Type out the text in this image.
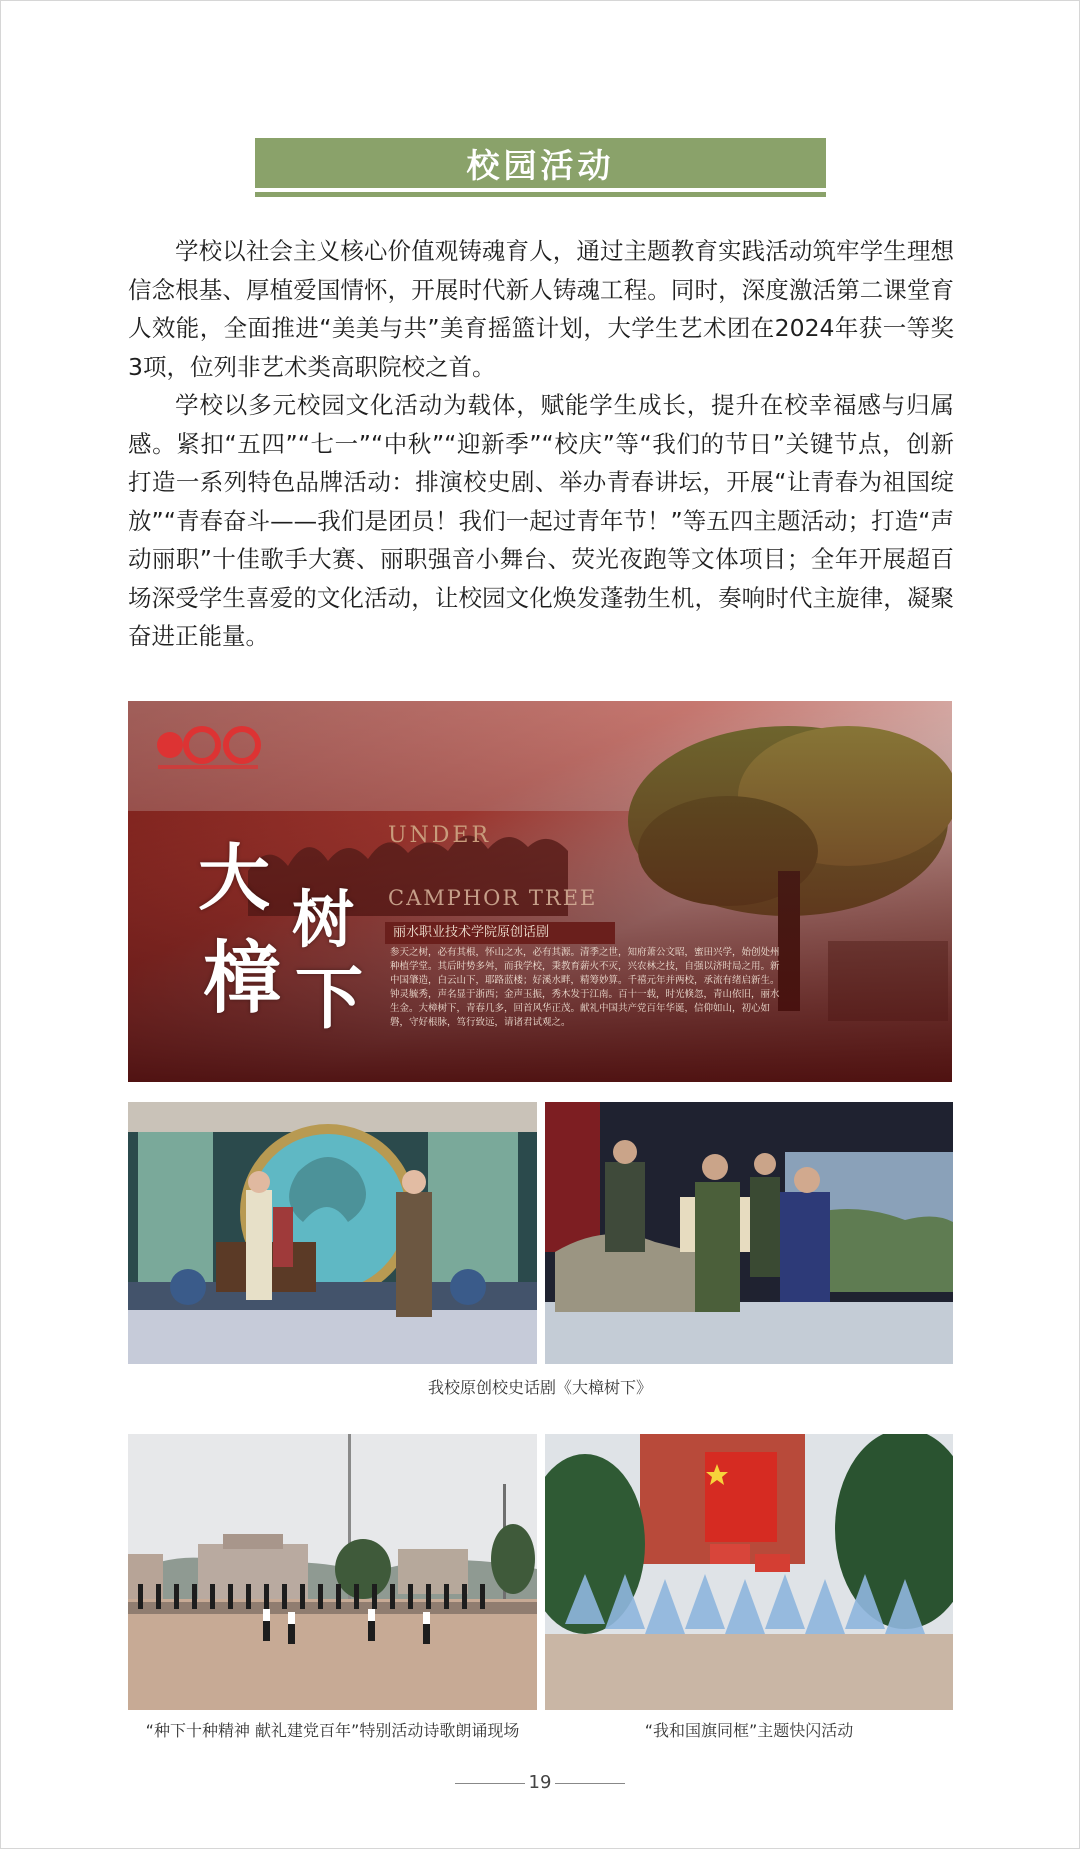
校园活动

学校以社会主义核心价值观铸魂育人，通过主题教育实践活动筑牢学生理想信念根基、厚植爱国情怀，开展时代新人铸魂工程。同时，深度激活第二课堂育人效能，全面推进“美美与共”美育摇篮计划，大学生艺术团在2024年获一等奖3项，位列非艺术类高职院校之首。

学校以多元校园文化活动为载体，赋能学生成长，提升在校幸福感与归属感。紧扣“五四”“七一”“中秋”“迎新季”“校庆”等“我们的节日”关键节点，创新打造一系列特色品牌活动：排演校史剧、举办青春讲坛，开展“让青春为祖国绽放”“青春奋斗——我们是团员！我们一起过青年节！”等五四主题活动；打造“声动丽职”十佳歌手大赛、丽职强音小舞台、荧光夜跑等文体项目；全年开展超百场深受学生喜爱的文化活动，让校园文化焕发蓬勃生机，奏响时代主旋律，凝聚奋进正能量。

UNDER
CAMPHOR TREE
大
樟
树
下
丽水职业技术学院原创话剧
参天之树，必有其根，怀山之水，必有其源。清季之世，知府萧公文昭，蜜田兴学，始创处州种植学堂。其后时势多舛，而我学校，秉教育薪火不灭，兴农林之技，自强以济时局之用。新中国肇造，白云山下，耶路蓝楼；好溪水畔，精筹妙算。千禧元年并两校，承流有绪启新生。钟灵毓秀，声名显于浙西；金声玉振，秀木发于江南。百十一载，时光倏忽，青山依旧，丽水生金。大樟树下，青春几多，回首风华正茂。献礼中国共产党百年华诞，信仰如山，初心如磐，守好根脉，笃行致远，请诸君试观之。
我校原创校史话剧《大樟树下》
“种下十种精神 献礼建党百年”特别活动诗歌朗诵现场	“我和国旗同框”主题快闪活动
19
